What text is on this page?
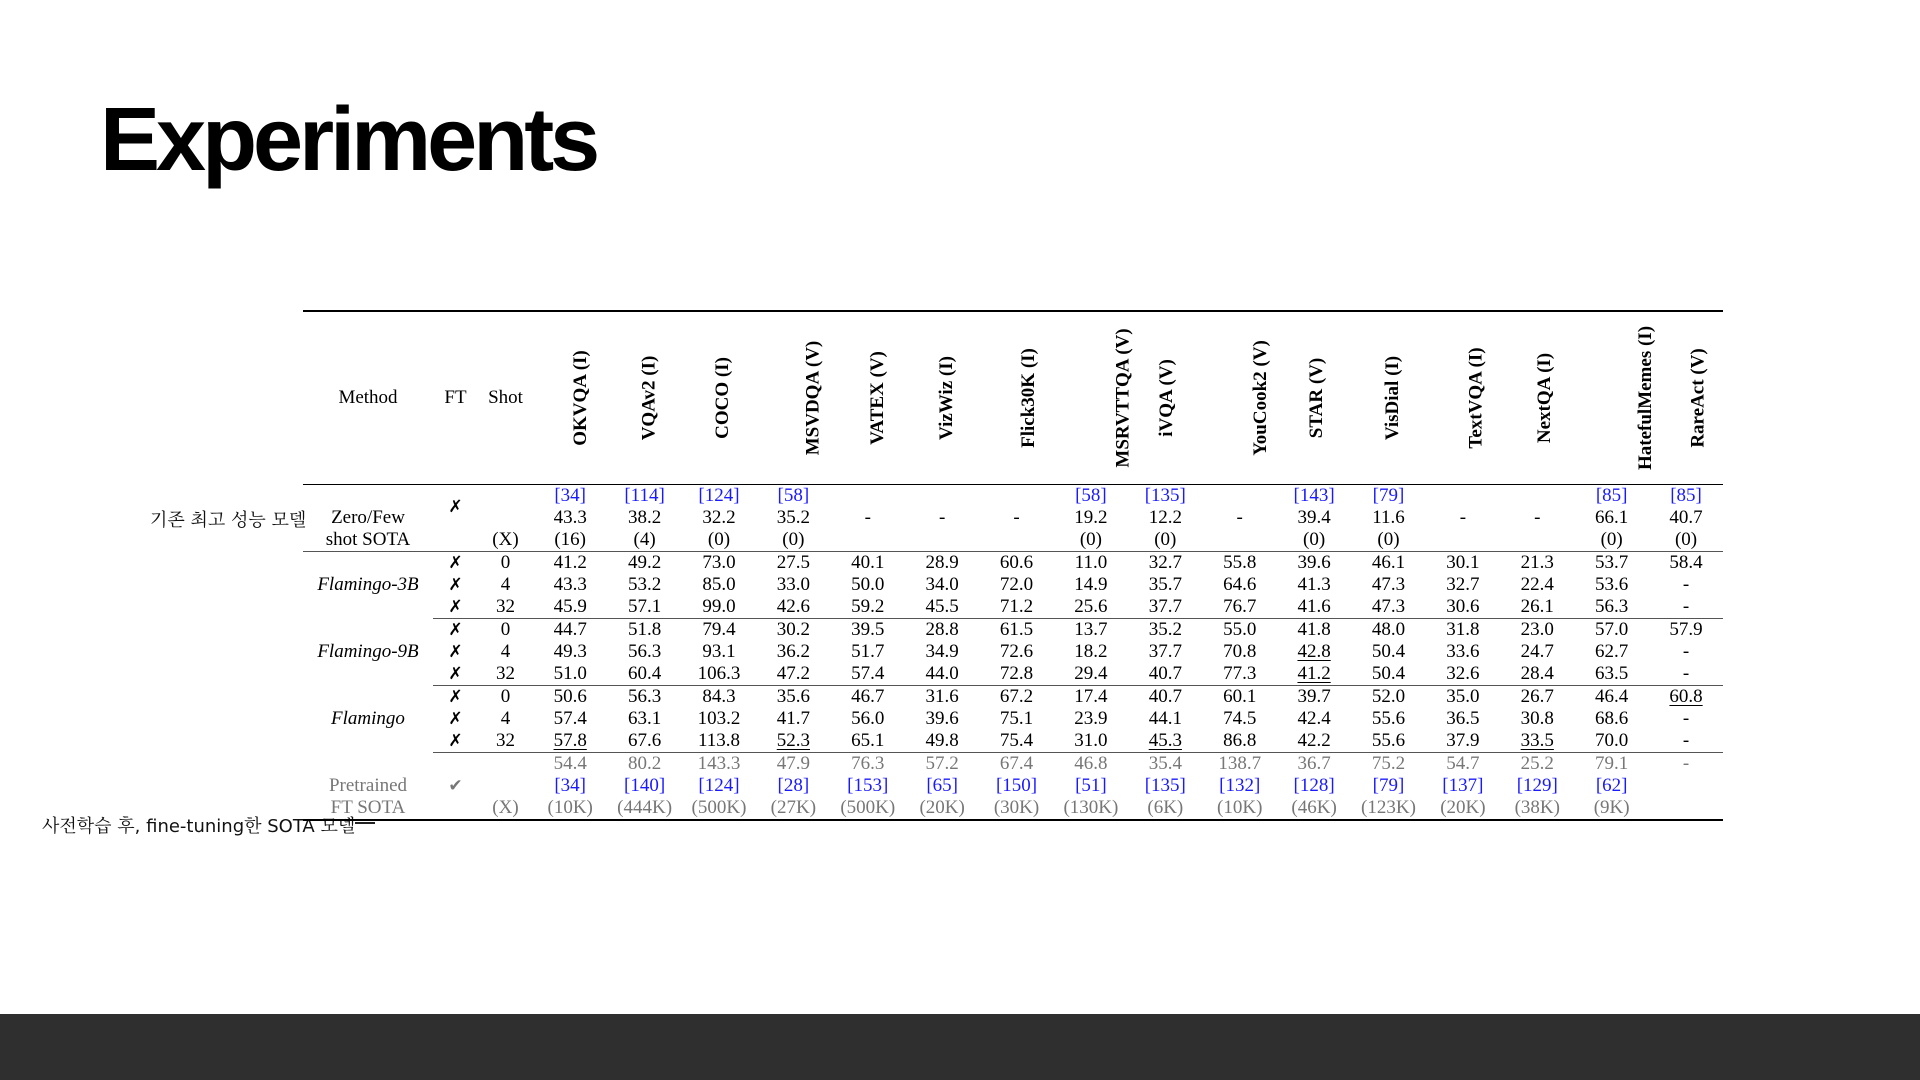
Experiments
기존 최고 성능 모델
사전학습 후, fine-tuning한 SOTA 모델
Method	FT	Shot	OKVQA (I)	VQAv2 (I)	COCO (I)	MSVDQA (V)	VATEX (V)	VizWiz (I)	Flick30K (I)	MSRVTTQA (V)	iVQA (V)	YouCook2 (V)	STAR (V)	VisDial (I)	TextVQA (I)	NextQA (I)	HatefulMemes (I)	RareAct (V)
Zero/Few	✗		[34]	[114]	[124]	[58]				[58]	[135]		[143]	[79]			[85]	[85]
			43.3	38.2	32.2	35.2	-	-	-	19.2	12.2	-	39.4	11.6	-	-	66.1	40.7
shot SOTA		(X)	(16)	(4)	(0)	(0)				(0)	(0)		(0)	(0)			(0)	(0)
Flamingo-3B	✗	0	41.2	49.2	73.0	27.5	40.1	28.9	60.6	11.0	32.7	55.8	39.6	46.1	30.1	21.3	53.7	58.4
	✗	4	43.3	53.2	85.0	33.0	50.0	34.0	72.0	14.9	35.7	64.6	41.3	47.3	32.7	22.4	53.6	-
	✗	32	45.9	57.1	99.0	42.6	59.2	45.5	71.2	25.6	37.7	76.7	41.6	47.3	30.6	26.1	56.3	-
Flamingo-9B	✗	0	44.7	51.8	79.4	30.2	39.5	28.8	61.5	13.7	35.2	55.0	41.8	48.0	31.8	23.0	57.0	57.9
	✗	4	49.3	56.3	93.1	36.2	51.7	34.9	72.6	18.2	37.7	70.8	42.8	50.4	33.6	24.7	62.7	-
	✗	32	51.0	60.4	106.3	47.2	57.4	44.0	72.8	29.4	40.7	77.3	41.2	50.4	32.6	28.4	63.5	-
Flamingo	✗	0	50.6	56.3	84.3	35.6	46.7	31.6	67.2	17.4	40.7	60.1	39.7	52.0	35.0	26.7	46.4	60.8
	✗	4	57.4	63.1	103.2	41.7	56.0	39.6	75.1	23.9	44.1	74.5	42.4	55.6	36.5	30.8	68.6	-
	✗	32	57.8	67.6	113.8	52.3	65.1	49.8	75.4	31.0	45.3	86.8	42.2	55.6	37.9	33.5	70.0	-
Pretrained	✔		54.4	80.2	143.3	47.9	76.3	57.2	67.4	46.8	35.4	138.7	36.7	75.2	54.7	25.2	79.1	-
			[34]	[140]	[124]	[28]	[153]	[65]	[150]	[51]	[135]	[132]	[128]	[79]	[137]	[129]	[62]	
FT SOTA		(X)	(10K)	(444K)	(500K)	(27K)	(500K)	(20K)	(30K)	(130K)	(6K)	(10K)	(46K)	(123K)	(20K)	(38K)	(9K)	
